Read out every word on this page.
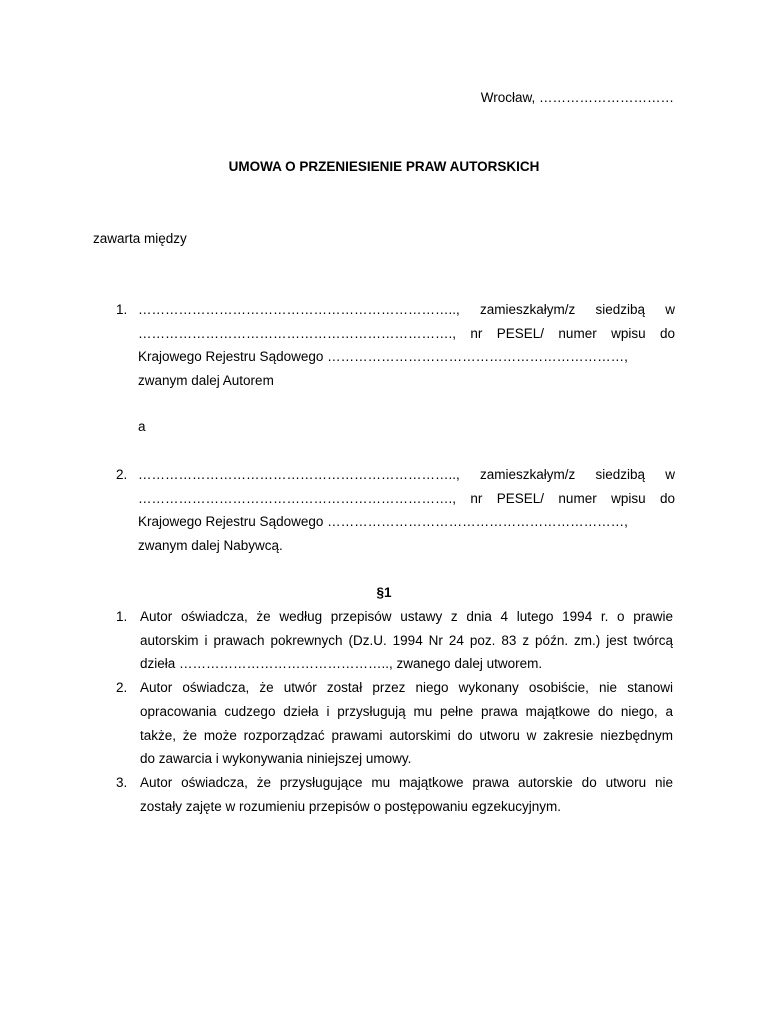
Wrocław, …………………………
UMOWA O PRZENIESIENIE PRAW AUTORSKICH
zawarta między
1. …………………………………………………………….., zamieszkałym/z siedzibą w
……………………………………………………………., nr PESEL/ numer wpisu do
Krajowego Rejestru Sądowego …………………………………………………………,
zwanym dalej Autorem
a
2. …………………………………………………………….., zamieszkałym/z siedzibą w
……………………………………………………………., nr PESEL/ numer wpisu do
Krajowego Rejestru Sądowego …………………………………………………………,
zwanym dalej Nabywcą.
§1
1. Autor oświadcza, że według przepisów ustawy z dnia 4 lutego 1994 r. o prawie
autorskim i prawach pokrewnych (Dz.U. 1994 Nr 24 poz. 83 z późn. zm.) jest twórcą
dzieła ……………………………………….., zwanego dalej utworem.
2. Autor oświadcza, że utwór został przez niego wykonany osobiście, nie stanowi
opracowania cudzego dzieła i przysługują mu pełne prawa majątkowe do niego, a
także, że może rozporządzać prawami autorskimi do utworu w zakresie niezbędnym
do zawarcia i wykonywania niniejszej umowy.
3. Autor oświadcza, że przysługujące mu majątkowe prawa autorskie do utworu nie
zostały zajęte w rozumieniu przepisów o postępowaniu egzekucyjnym.
